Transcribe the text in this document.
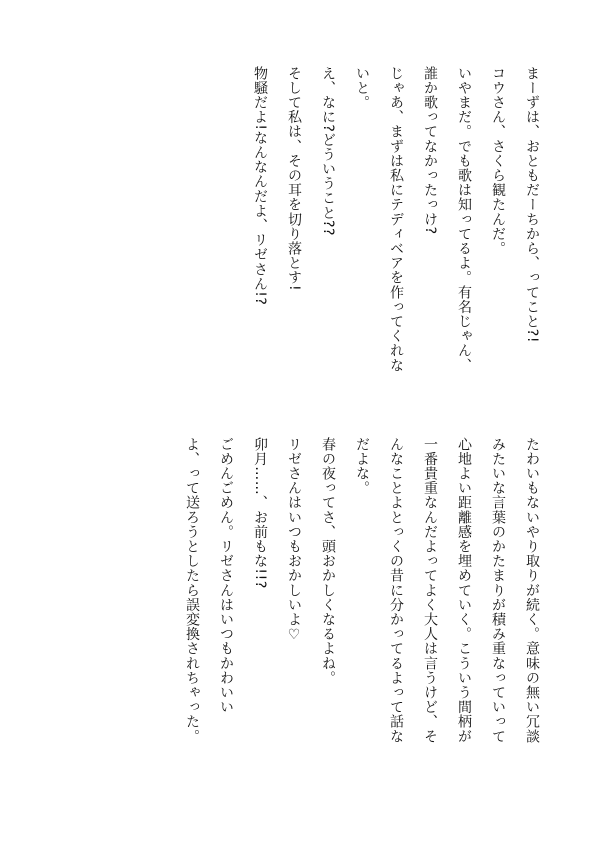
まーずは、おともだーちから、ってこと?!
コウさん、さくら観たんだ。
いやまだ。でも歌は知ってるよ。有名じゃん、
誰か歌ってなかったっけ?
じゃあ、まずは私にテディベアを作ってくれな
いと。
え、なに?どういうこと??
そして私は、その耳を切り落とす!
物騒だよ!なんなんだよ、リゼさん!?
たわいもないやり取りが続く。意味の無い冗談
みたいな言葉のかたまりが積み重なっていって
心地よい距離感を埋めていく。こういう間柄が
一番貴重なんだよってよく大人は言うけど、そ
んなことよとっくの昔に分かってるよって話な
だよな。
春の夜ってさ、頭おかしくなるよね。
リゼさんはいつもおかしいよ♡
卯月……、お前もな!!?
ごめんごめん。リゼさんはいつもかわいい
よ、って送ろうとしたら誤変換されちゃった。
